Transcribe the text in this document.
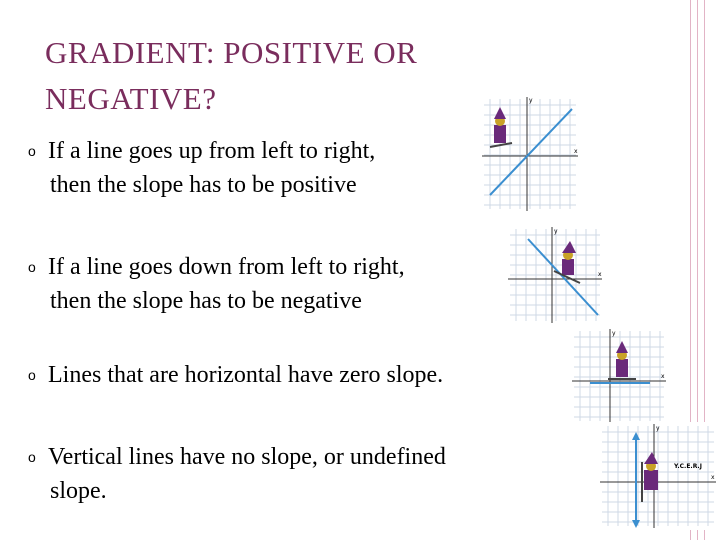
GRADIENT: POSITIVE OR NEGATIVE?
o If a line goes up from left to right,
then the slope has to be positive
o If a line goes down from left to right,
then the slope has to be negative
o Lines that are horizontal have zero slope.
o Vertical lines have no slope, or undefined
slope.
x
y
x
y
x
y
x
y
Y.C.E.R.J
